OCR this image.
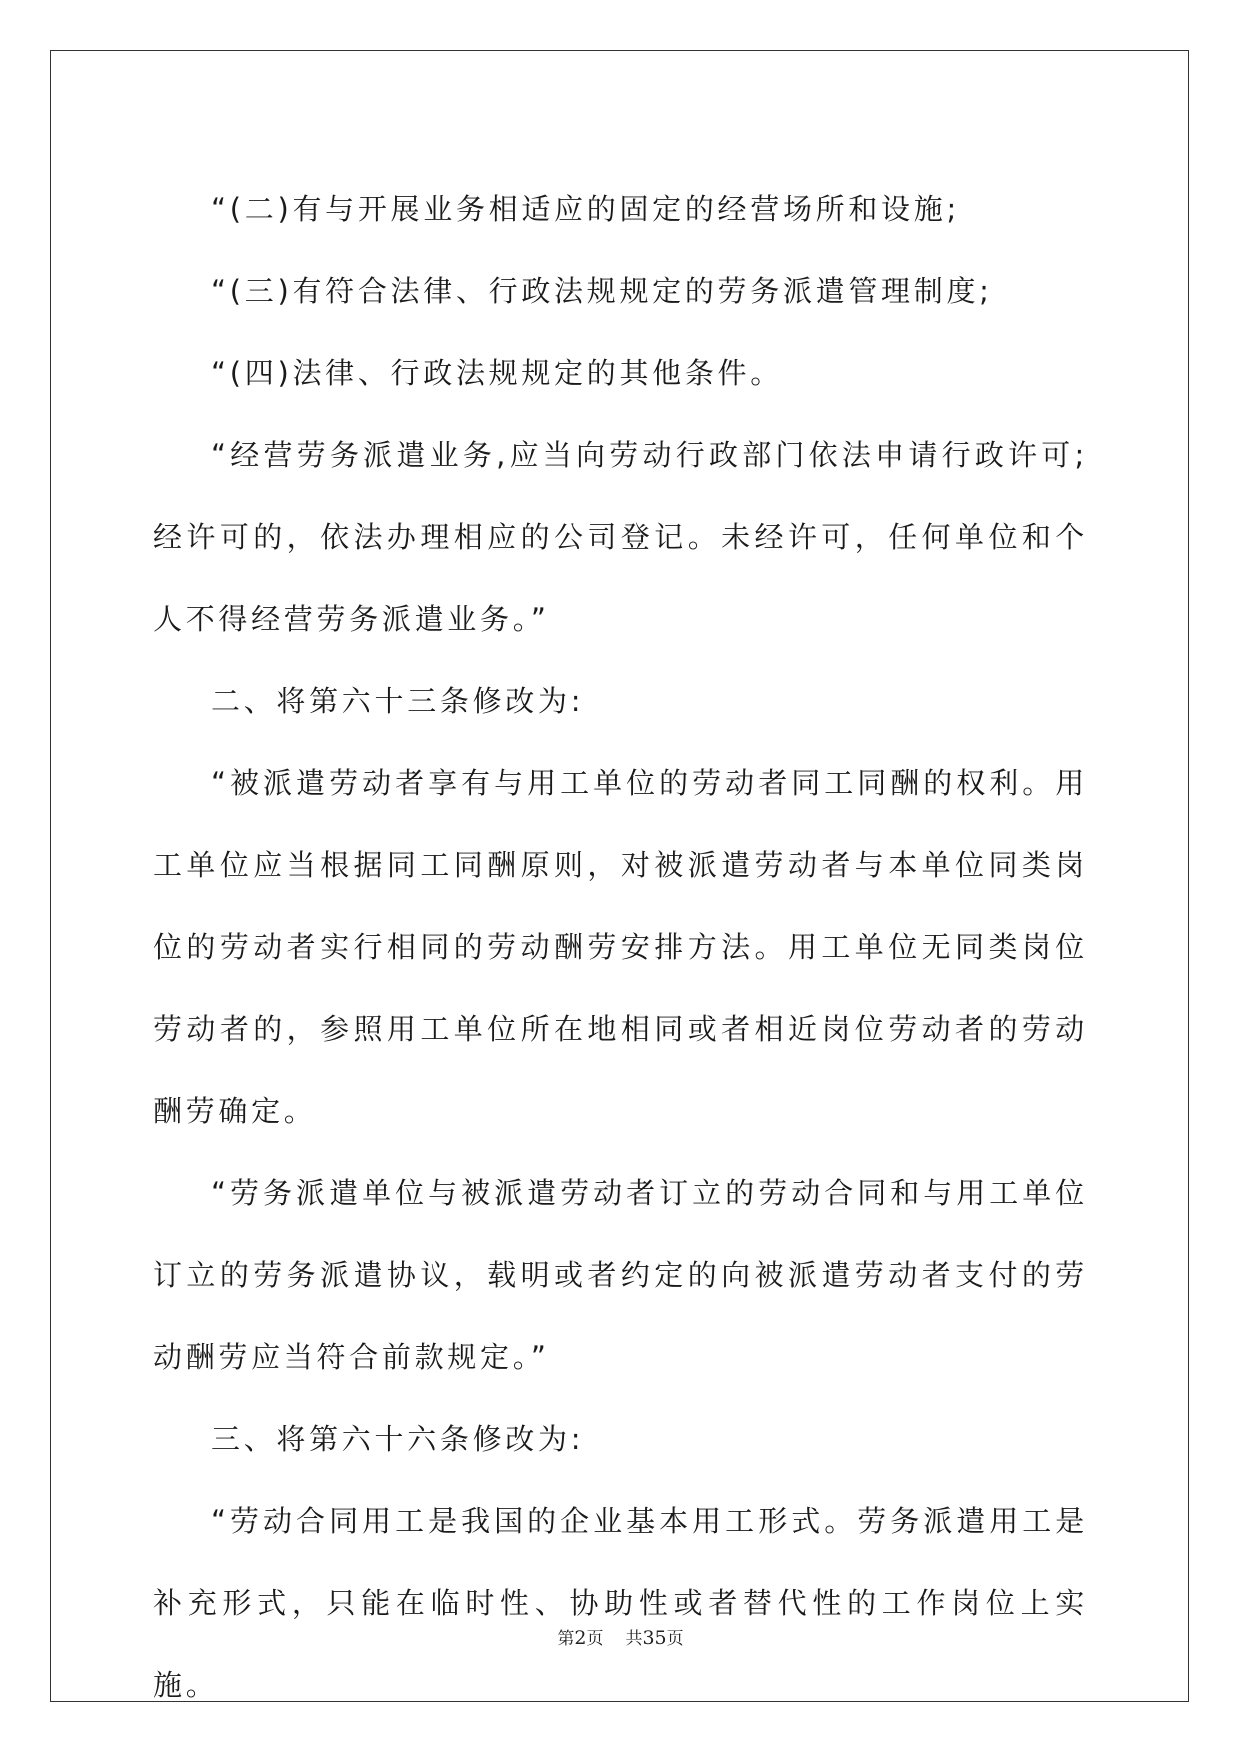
“(二)有与开展业务相适应的固定的经营场所和设施;

“(三)有符合法律、行政法规规定的劳务派遣管理制度;

“(四)法律、行政法规规定的其他条件。

“经营劳务派遣业务,应当向劳动行政部门依法申请行政许可;经许可的，依法办理相应的公司登记。未经许可，任何单位和个人不得经营劳务派遣业务。”

二、将第六十三条修改为:

“被派遣劳动者享有与用工单位的劳动者同工同酬的权利。用工单位应当根据同工同酬原则，对被派遣劳动者与本单位同类岗位的劳动者实行相同的劳动酬劳安排方法。用工单位无同类岗位劳动者的，参照用工单位所在地相同或者相近岗位劳动者的劳动酬劳确定。

“劳务派遣单位与被派遣劳动者订立的劳动合同和与用工单位订立的劳务派遣协议，载明或者约定的向被派遣劳动者支付的劳动酬劳应当符合前款规定。”

三、将第六十六条修改为:

“劳动合同用工是我国的企业基本用工形式。劳务派遣用工是补充形式，只能在临时性、协助性或者替代性的工作岗位上实施。

第2页 共35页
